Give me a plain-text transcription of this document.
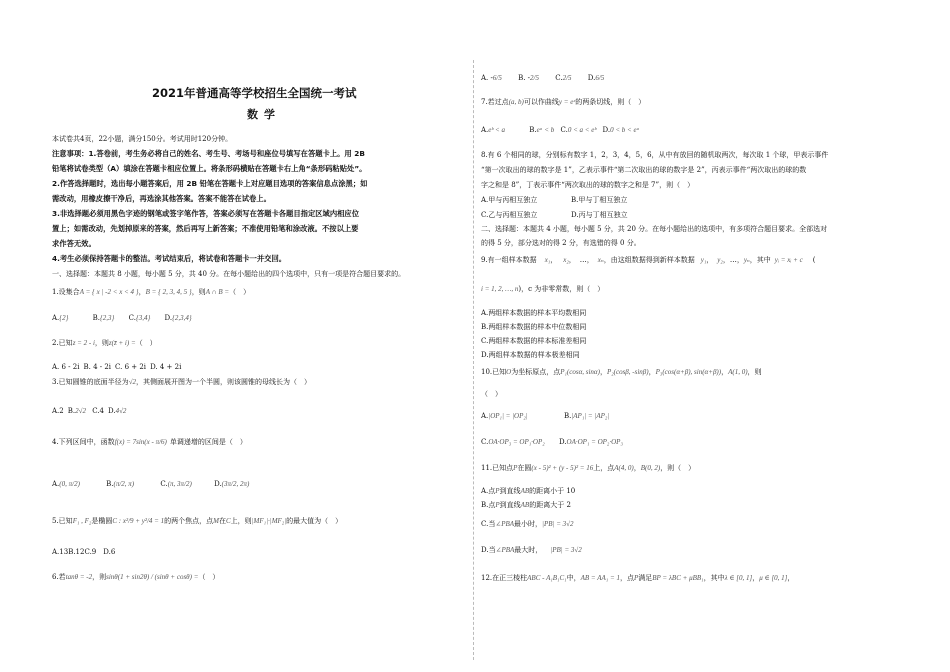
2021年普通高等学校招生全国统一考试
数学
本试卷共4页，22小题，满分150分。考试用时120分钟。
注意事项：1.答卷前，考生务必将自己的姓名、考生号、考场号和座位号填写在答题卡上。用 2B
铅笔将试卷类型（A）填涂在答题卡相应位置上。将条形码横贴在答题卡右上角“条形码粘贴处”。
2.作答选择题时，选出每小题答案后，用 2B 铅笔在答题卡上对应题目选项的答案信息点涂黑；如
需改动，用橡皮擦干净后，再选涂其他答案。答案不能答在试卷上。
3.非选择题必须用黑色字迹的钢笔或签字笔作答，答案必须写在答题卡各题目指定区域内相应位
置上；如需改动，先划掉原来的答案，然后再写上新答案；不准使用铅笔和涂改液。不按以上要
求作答无效。
4.考生必须保持答题卡的整洁。考试结束后，将试卷和答题卡一并交回。
一、选择题：本题共 8 小题，每小题 5 分，共 40 分。在每小题给出的四个选项中，只有一项是符合题目要求的。
1.设集合A = { x | -2 < x < 4 }，B = { 2, 3, 4, 5 }，则A ∩ B =（　）
A.{2}	B.{2,3} C.{3,4} D.{2,3,4}
2.已知z = 2 - i，则z(z̄ + i) =（　）
A. 6 - 2i B. 4 - 2i C. 6 + 2i D. 4 + 2i
3.已知圆锥的底面半径为√2，其侧面展开图为一个半圆，则该圆锥的母线长为（　）
A.2 B.2√2 C.4 D.4√2
4.下列区间中，函数f(x) = 7sin(x - π/6) 单调递增的区间是（　）
A.(0, π/2)	B.(π/2, π)	C.(π, 3π/2)	D.(3π/2, 2π)
5.已知F₁ , F₂是椭圆C : x²/9 + y²/4 = 1的两个焦点，点M在C上，则|MF₁|·|MF₂|的最大值为（　）
A.13B.12C.9　D.6
6.若tanθ = -2，则sinθ(1 + sin2θ) / (sinθ + cosθ) =（　）
A. -6/5 B. -2/5 C.2/5 D.6/5
7.若过点(a, b)可以作曲线y = eˣ的两条切线，则（　）
A.eᵇ < a	B.eᵃ < b C.0 < a < eᵇ D.0 < b < eᵃ
8.有 6 个相同的球，分别标有数字 1，2，3，4，5，6，从中有放回的随机取两次，每次取 1 个球，甲表示事件
“第一次取出的球的数字是 1”，乙表示事件“第二次取出的球的数字是 2”，丙表示事件“两次取出的球的数
字之和是 8”，丁表示事件“两次取出的球的数字之和是 7”，则（　）
A.甲与丙相互独立	B.甲与丁相互独立
C.乙与丙相互独立	D.丙与丁相互独立
二、选择题：本题共 4 小题，每小题 5 分，共 20 分。在每小题给出的选项中，有多项符合题目要求。全部选对
的得 5 分，部分选对的得 2 分，有选错的得 0 分。
9.有一组样本数据 x₁， x₂， …， xₙ，由这组数据得到新样本数据 y₁， y₂，…，yₙ，其中 yᵢ = xᵢ + c (
i = 1, 2, …, n)，c 为非零常数，则（　）
A.两组样本数据的样本平均数相同
B.两组样本数据的样本中位数相同
C.两组样本数据的样本标准差相同
D.两组样本数据的样本极差相同
10.已知O为坐标原点，点P₁(cosα, sinα)，P₂(cosβ, -sinβ)，P₃(cos(α+β), sin(α+β))，A(1, 0)，则
（　）
A.|OP₁| = |OP₂|	B.|AP₁| = |AP₂|
C.OA·OP₃ = OP₁·OP₂ D.OA·OP₁ = OP₂·OP₃
11.已知点P在圆(x - 5)² + (y - 5)² = 16上，点A(4, 0)，B(0, 2)，则（　）
A.点P到直线AB的距离小于 10
B.点P到直线AB的距离大于 2
C.当∠PBA最小时，|PB| = 3√2
D.当∠PBA最大时， |PB| = 3√2
12.在正三棱柱ABC - A₁B₁C₁中，AB = AA₁ = 1，点P满足BP = λBC + μBB₁，其中λ ∈ [0, 1]，μ ∈ [0, 1]，
